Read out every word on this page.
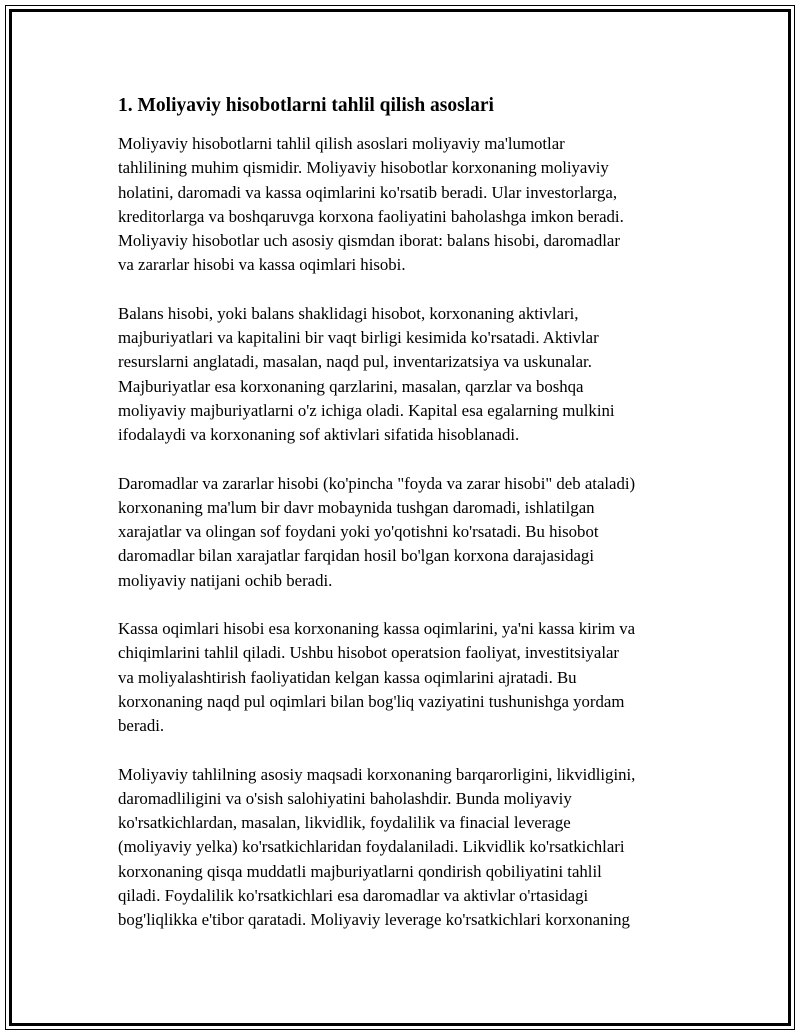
1. Moliyaviy hisobotlarni tahlil qilish asoslari

Moliyaviy hisobotlarni tahlil qilish asoslari moliyaviy ma'lumotlar
tahlilining muhim qismidir. Moliyaviy hisobotlar korxonaning moliyaviy
holatini, daromadi va kassa oqimlarini ko'rsatib beradi. Ular investorlarga,
kreditorlarga va boshqaruvga korxona faoliyatini baholashga imkon beradi.
Moliyaviy hisobotlar uch asosiy qismdan iborat: balans hisobi, daromadlar
va zararlar hisobi va kassa oqimlari hisobi.

Balans hisobi, yoki balans shaklidagi hisobot, korxonaning aktivlari,
majburiyatlari va kapitalini bir vaqt birligi kesimida ko'rsatadi. Aktivlar
resurslarni anglatadi, masalan, naqd pul, inventarizatsiya va uskunalar.
Majburiyatlar esa korxonaning qarzlarini, masalan, qarzlar va boshqa
moliyaviy majburiyatlarni o'z ichiga oladi. Kapital esa egalarning mulkini
ifodalaydi va korxonaning sof aktivlari sifatida hisoblanadi.

Daromadlar va zararlar hisobi (ko'pincha "foyda va zarar hisobi" deb ataladi)
korxonaning ma'lum bir davr mobaynida tushgan daromadi, ishlatilgan
xarajatlar va olingan sof foydani yoki yo'qotishni ko'rsatadi. Bu hisobot
daromadlar bilan xarajatlar farqidan hosil bo'lgan korxona darajasidagi
moliyaviy natijani ochib beradi.

Kassa oqimlari hisobi esa korxonaning kassa oqimlarini, ya'ni kassa kirim va
chiqimlarini tahlil qiladi. Ushbu hisobot operatsion faoliyat, investitsiyalar
va moliyalashtirish faoliyatidan kelgan kassa oqimlarini ajratadi. Bu
korxonaning naqd pul oqimlari bilan bog'liq vaziyatini tushunishga yordam
beradi.

Moliyaviy tahlilning asosiy maqsadi korxonaning barqarorligini, likvidligini,
daromadliligini va o'sish salohiyatini baholashdir. Bunda moliyaviy
ko'rsatkichlardan, masalan, likvidlik, foydalilik va finacial leverage
(moliyaviy yelka) ko'rsatkichlaridan foydalaniladi. Likvidlik ko'rsatkichlari
korxonaning qisqa muddatli majburiyatlarni qondirish qobiliyatini tahlil
qiladi. Foydalilik ko'rsatkichlari esa daromadlar va aktivlar o'rtasidagi
bog'liqlikka e'tibor qaratadi. Moliyaviy leverage ko'rsatkichlari korxonaning
